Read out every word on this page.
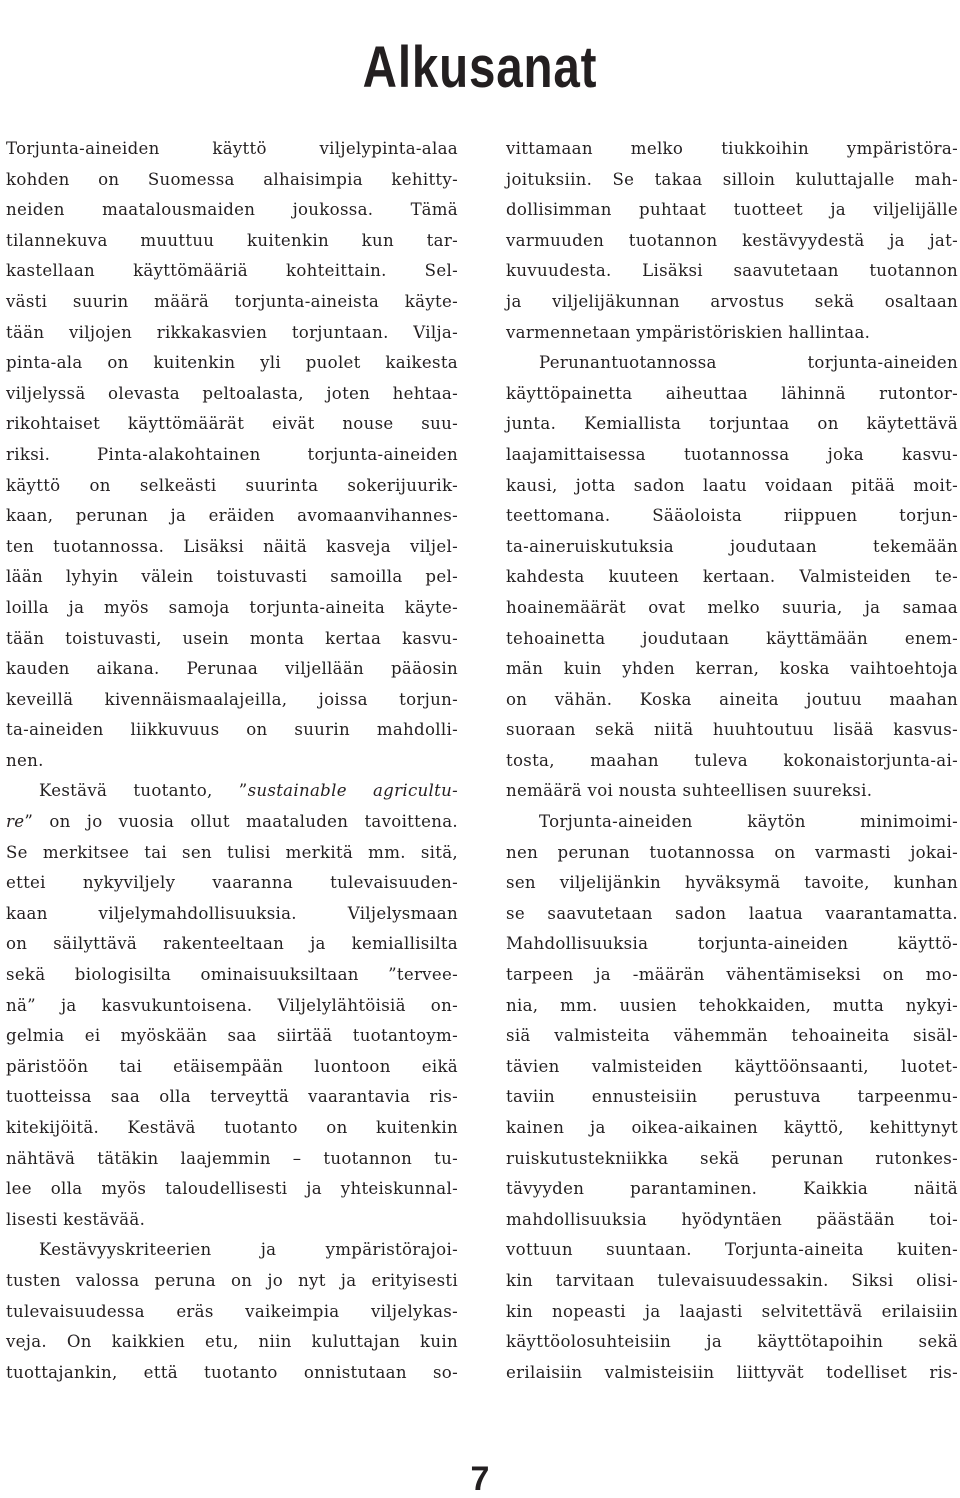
Alkusanat
Torjunta-aineiden käyttö viljelypinta-alaa
kohden on Suomessa alhaisimpia kehitty-
neiden maatalousmaiden joukossa. Tämä
tilannekuva muuttuu kuitenkin kun tar-
kastellaan käyttömääriä kohteittain. Sel-
västi suurin määrä torjunta-aineista käyte-
tään viljojen rikkakasvien torjuntaan. Vilja-
pinta-ala on kuitenkin yli puolet kaikesta
viljelyssä olevasta peltoalasta, joten hehtaa-
rikohtaiset käyttömäärät eivät nouse suu-
riksi. Pinta-alakohtainen torjunta-aineiden
käyttö on selkeästi suurinta sokerijuurik-
kaan, perunan ja eräiden avomaanvihannes-
ten tuotannossa. Lisäksi näitä kasveja viljel-
lään lyhyin välein toistuvasti samoilla pel-
loilla ja myös samoja torjunta-aineita käyte-
tään toistuvasti, usein monta kertaa kasvu-
kauden aikana. Perunaa viljellään pääosin
keveillä kivennäismaalajeilla, joissa torjun-
ta-aineiden liikkuvuus on suurin mahdolli-
nen.
Kestävä tuotanto, ”sustainable agricultu-
re” on jo vuosia ollut maataluden tavoittena.
Se merkitsee tai sen tulisi merkitä mm. sitä,
ettei nykyviljely vaaranna tulevaisuuden-
kaan viljelymahdollisuuksia. Viljelysmaan
on säilyttävä rakenteeltaan ja kemiallisilta
sekä biologisilta ominaisuuksiltaan ”tervee-
nä” ja kasvukuntoisena. Viljelylähtöisiä on-
gelmia ei myöskään saa siirtää tuotantoym-
päristöön tai etäisempään luontoon eikä
tuotteissa saa olla terveyttä vaarantavia ris-
kitekijöitä. Kestävä tuotanto on kuitenkin
nähtävä tätäkin laajemmin – tuotannon tu-
lee olla myös taloudellisesti ja yhteiskunnal-
lisesti kestävää.
Kestävyyskriteerien ja ympäristörajoi-
tusten valossa peruna on jo nyt ja erityisesti
tulevaisuudessa eräs vaikeimpia viljelykas-
veja. On kaikkien etu, niin kuluttajan kuin
tuottajankin, että tuotanto onnistutaan so-
vittamaan melko tiukkoihin ympäristöra-
joituksiin. Se takaa silloin kuluttajalle mah-
dollisimman puhtaat tuotteet ja viljelijälle
varmuuden tuotannon kestävyydestä ja jat-
kuvuudesta. Lisäksi saavutetaan tuotannon
ja viljelijäkunnan arvostus sekä osaltaan
varmennetaan ympäristöriskien hallintaa.
Perunantuotannossa torjunta-aineiden
käyttöpainetta aiheuttaa lähinnä rutontor-
junta. Kemiallista torjuntaa on käytettävä
laajamittaisessa tuotannossa joka kasvu-
kausi, jotta sadon laatu voidaan pitää moit-
teettomana. Sääoloista riippuen torjun-
ta-aineruiskutuksia joudutaan tekemään
kahdesta kuuteen kertaan. Valmisteiden te-
hoainemäärät ovat melko suuria, ja samaa
tehoainetta joudutaan käyttämään enem-
män kuin yhden kerran, koska vaihtoehtoja
on vähän. Koska aineita joutuu maahan
suoraan sekä niitä huuhtoutuu lisää kasvus-
tosta, maahan tuleva kokonaistorjunta-ai-
nemäärä voi nousta suhteellisen suureksi.
Torjunta-aineiden käytön minimoimi-
nen perunan tuotannossa on varmasti jokai-
sen viljelijänkin hyväksymä tavoite, kunhan
se saavutetaan sadon laatua vaarantamatta.
Mahdollisuuksia torjunta-aineiden käyttö-
tarpeen ja -määrän vähentämiseksi on mo-
nia, mm. uusien tehokkaiden, mutta nykyi-
siä valmisteita vähemmän tehoaineita sisäl-
tävien valmisteiden käyttöönsaanti, luotet-
taviin ennusteisiin perustuva tarpeenmu-
kainen ja oikea-aikainen käyttö, kehittynyt
ruiskutustekniikka sekä perunan rutonkes-
tävyyden parantaminen. Kaikkia näitä
mahdollisuuksia hyödyntäen päästään toi-
vottuun suuntaan. Torjunta-aineita kuiten-
kin tarvitaan tulevaisuudessakin. Siksi olisi-
kin nopeasti ja laajasti selvitettävä erilaisiin
käyttöolosuhteisiin ja käyttötapoihin sekä
erilaisiin valmisteisiin liittyvät todelliset ris-
7
